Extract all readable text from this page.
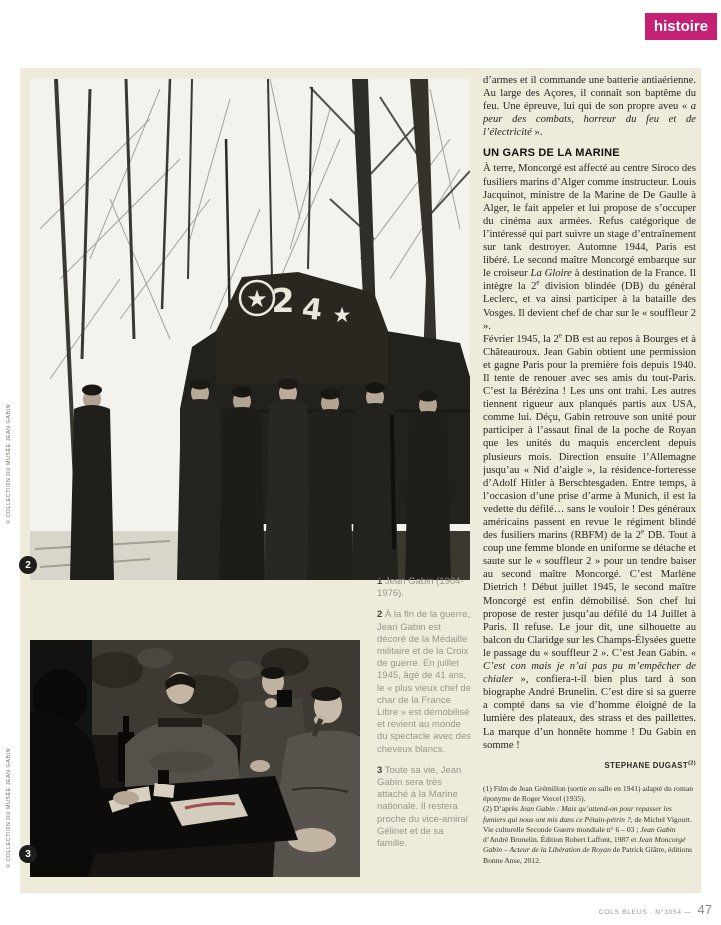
histoire
★ 2 4 ★
2
3
© COLLECTION DU MUSÉE JEAN GABIN
© COLLECTION DU MUSÉE JEAN GABIN

1 Jean Gabin (1904-1976).

2 À la fin de la guerre, Jean Gabin est décoré de la Médaille militaire et de la Croix de guerre. En juillet 1945, âgé de 41 ans, le « plus vieux chef de char de la France Libre » est démobilisé et revient au monde du spectacle avec des cheveux blancs.

3 Toute sa vie, Jean Gabin sera très attaché à la Marine nationale. Il restera proche du vice-amiral Gélinet et de sa famille.

d’armes et il commande une batterie antiaérienne. Au large des Açores, il connaît son baptême du feu. Une épreuve, lui qui de son propre aveu « a peur des combats, horreur du feu et de l’électricité ».

UN GARS DE LA MARINE

À terre, Moncorgé est affecté au centre Siroco des fusiliers marins d’Alger comme instructeur. Louis Jacquinot, ministre de la Marine de De Gaulle à Alger, le fait appeler et lui propose de s’occuper du cinéma aux armées. Refus catégorique de l’intéressé qui part suivre un stage d’entraînement sur tank destroyer. Automne 1944, Paris est libéré. Le second maître Moncorgé embarque sur le croiseur La Gloire à destination de la France. Il intègre la 2e division blindée (DB) du général Leclerc, et va ainsi participer à la bataille des Vosges. Il devient chef de char sur le « souffleur 2 ».

Février 1945, la 2e DB est au repos à Bourges et à Châteauroux. Jean Gabin obtient une permission et gagne Paris pour la première fois depuis 1940. Il tente de renouer avec ses amis du tout-Paris. C’est la Bérézina ! Les uns ont trahi. Les autres tiennent rigueur aux planqués partis aux USA, comme lui. Déçu, Gabin retrouve son unité pour participer à l’assaut final de la poche de Royan que les unités du maquis encerclent depuis plusieurs mois. Direction ensuite l’Allemagne jusqu’au « Nid d’aigle », la résidence-forteresse d’Adolf Hitler à Berschtesgaden. Entre temps, à l’occasion d’une prise d’arme à Munich, il est la vedette du défilé… sans le vouloir ! Des généraux américains passent en revue le régiment blindé des fusiliers marins (RBFM) de la 2e DB. Tout à coup une femme blonde en uniforme se détache et saute sur le « souffleur 2 » pour un tendre baiser au second maître Moncorgé. C’est Marlène Dietrich ! Début juillet 1945, le second maître Moncorgé est enfin démobilisé. Son chef lui propose de rester jusqu’au défilé du 14 Juillet à Paris. Il refuse. Le jour dit, une silhouette au balcon du Claridge sur les Champs-Élysées guette le passage du « souffleur 2 ». C’est Jean Gabin. « C’est con mais je n’ai pas pu m’empêcher de chialer », confiera-t-il bien plus tard à son biographe André Brunelin. C’est dire si sa guerre a compté dans sa vie d’homme éloigné de la lumière des plateaux, des strass et des paillettes. La marque d’un honnête homme ! Du Gabin en somme !

STEPHANE DUGAST$^{(2)}$

(1) Film de Jean Grémillon (sortie en salle en 1941) adapté du roman éponyme de Roger Vercel (1935).

(2) D’après Jean Gabin : Mais qu’attend-on pour repasser les fumiers qui nous ont mis dans ce Pétain-pétrin ?, de Michel Vigourt. Vie culturelle Seconde Guerre mondiale n° 6 – 03 ; Jean Gabin d’André Brunelin. Édition Robert Laffont, 1987 et Jean Moncorgé Gabin – Acteur de la Libération de Royan de Patrick Glâtre, éditions Bonne Anse, 2012.

COLS BLEUS · N°3054 — 47
